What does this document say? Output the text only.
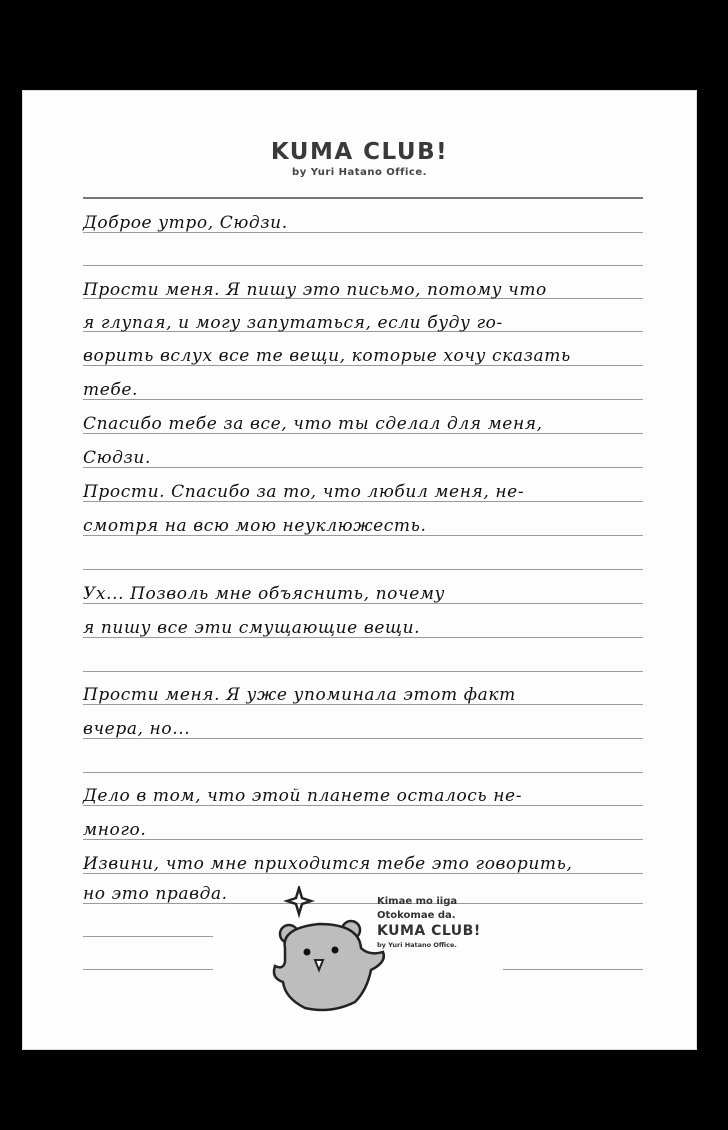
KUMA CLUB!
by Yuri Hatano Office.
Доброе утро, Сюдзи.
Прости меня. Я пишу это письмо, потому что
я глупая, и могу запутаться, если буду го-
ворить вслух все те вещи, которые хочу сказать
тебе.
Спасибо тебе за все, что ты сделал для меня,
Сюдзи.
Прости. Спасибо за то, что любил меня, не-
смотря на всю мою неуклюжесть.
Ух... Позволь мне объяснить, почему
я пишу все эти смущающие вещи.
Прости меня. Я уже упоминала этот факт
вчера, но...
Дело в том, что этой планете осталось не-
много.
Извини, что мне приходится тебе это говорить,
но это правда.	Kimae mo iiga
Otokomae da.
KUMA CLUB!
by Yuri Hatano Office.
